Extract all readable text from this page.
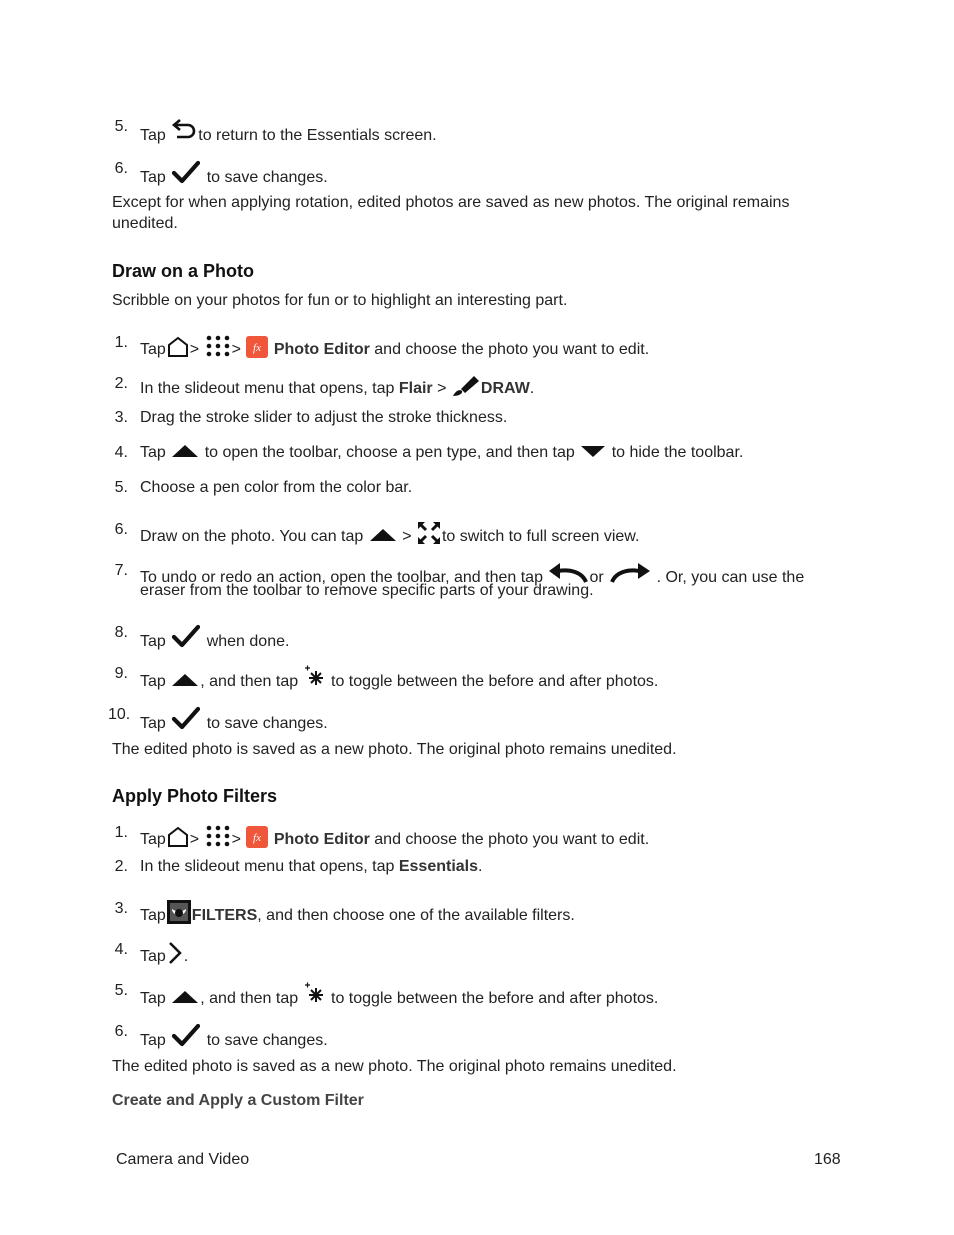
5.
Tap to return to the Essentials screen.
6.
Tap	to save changes.

Except for when applying rotation, edited photos are saved as new photos. The original remains unedited.

Draw on a Photo

Scribble on your photos for fun or to highlight an interesting part.

1. Tap > > fx Photo Editor and choose the photo you want to edit.
2. In the slideout menu that opens, tap Flair > DRAW.
3. Drag the stroke slider to adjust the stroke thickness.
4. Tap to open the toolbar, choose a pen type, and then tap to hide the toolbar.
5. Choose a pen color from the color bar.
6. Draw on the photo. You can tap > to switch to full screen view.
7. To undo or redo an action, open the toolbar, and then tap	or	. Or, you can use the
eraser from the toolbar to remove specific parts of your drawing.
8.
Tap	when done.
9. Tap , and then tap to toggle between the before and after photos.
10.
Tap	to save changes.

The edited photo is saved as a new photo. The original photo remains unedited.

Apply Photo Filters
1. Tap > > fx Photo Editor and choose the photo you want to edit.
2. In the slideout menu that opens, tap Essentials.
3. Tap FILTERS, and then choose one of the available filters.
4. Tap .
5. Tap , and then tap to toggle between the before and after photos.
6.
Tap	to save changes.

The edited photo is saved as a new photo. The original photo remains unedited.

Create and Apply a Custom Filter
Camera and Video	168
